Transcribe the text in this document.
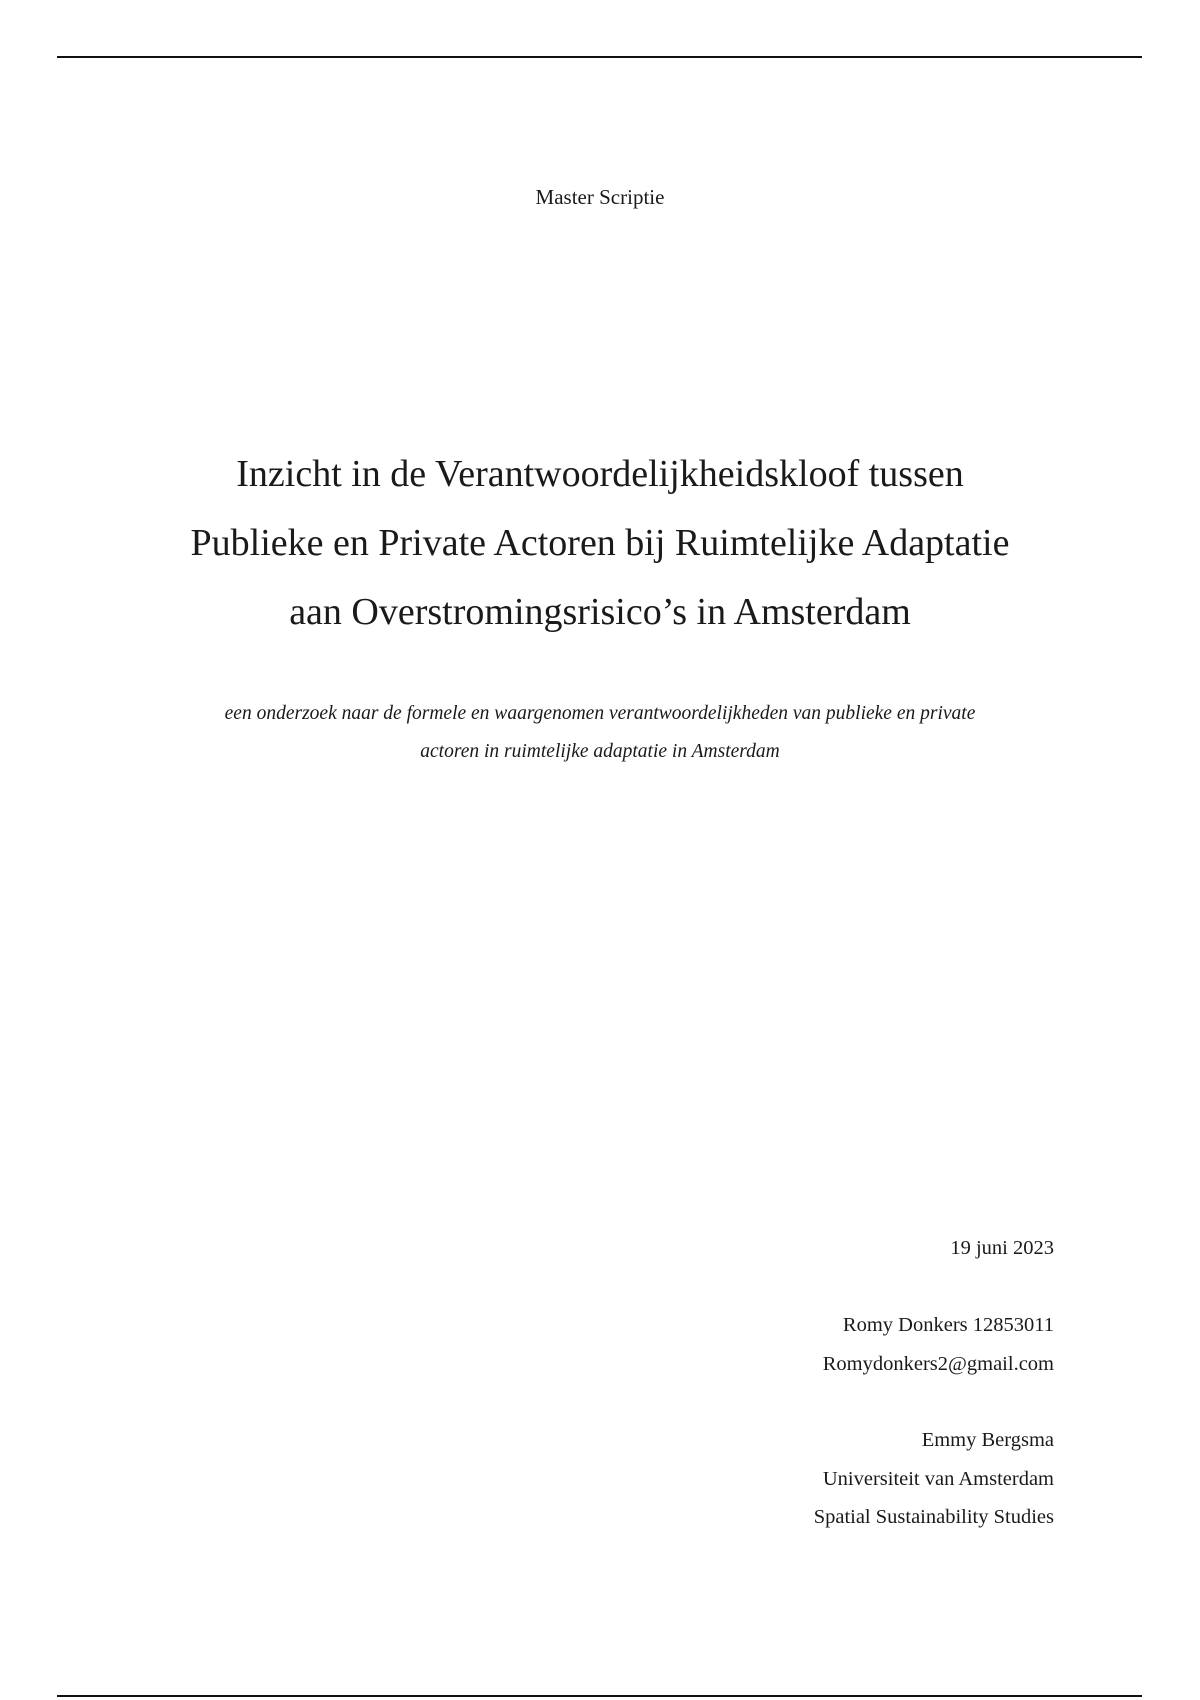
Master Scriptie
Inzicht in de Verantwoordelijkheidskloof tussen
Publieke en Private Actoren bij Ruimtelijke Adaptatie
aan Overstromingsrisico’s in Amsterdam

een onderzoek naar de formele en waargenomen verantwoordelijkheden van publieke en private
actoren in ruimtelijke adaptatie in Amsterdam

19 juni 2023
Romy Donkers 12853011
Romydonkers2@gmail.com
Emmy Bergsma
Universiteit van Amsterdam
Spatial Sustainability Studies
